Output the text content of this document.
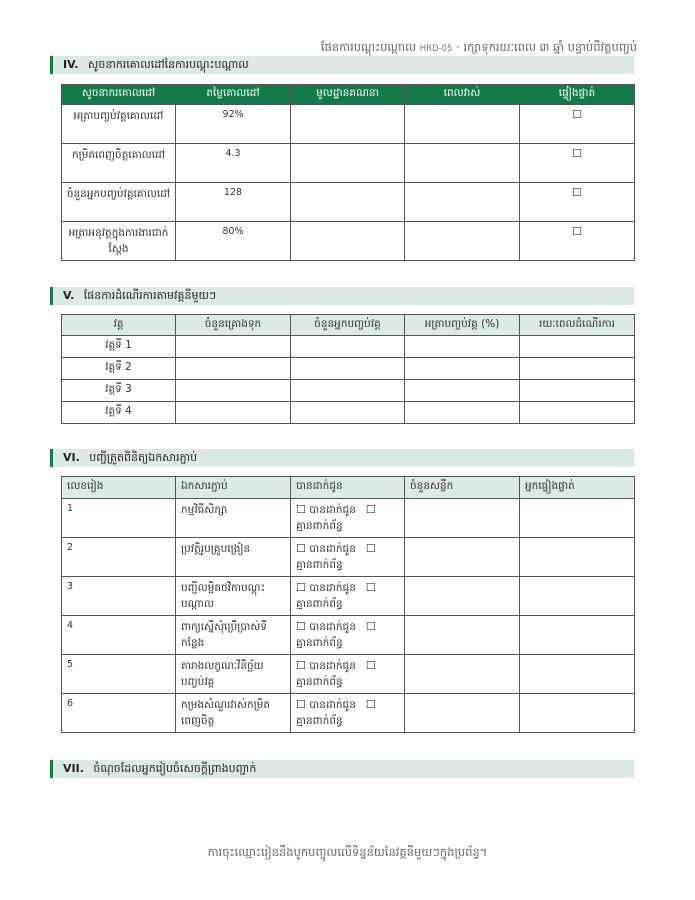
ផែនការបណ្តុះបណ្តាល HRD-05 · រក្សាទុករយៈពេល ៣ ឆ្នាំ បន្ទាប់ពីវគ្គបញ្ចប់
IV. សូចនាករគោលដៅនៃការបណ្តុះបណ្តាល
សូចនាករគោលដៅ	តម្លៃគោលដៅ	មូលដ្ឋានគណនា	ពេលវាស់	ផ្ទៀងផ្ទាត់
អត្រាបញ្ចប់វគ្គគោលដៅ	92%			☐
កម្រិតពេញចិត្តគោលដៅ	4.3			☐
ចំនួនអ្នកបញ្ចប់វគ្គគោលដៅ	128			☐
អត្រាអនុវត្តក្នុងការងារជាក់ស្តែង	80%			☐
V. ផែនការដំណើរការតាមវគ្គនីមួយៗ
វគ្គ	ចំនួនគ្រោងទុក	ចំនួនអ្នកបញ្ចប់វគ្គ	អត្រាបញ្ចប់វគ្គ (%)	រយៈពេលដំណើរការ
វគ្គទី 1				
វគ្គទី 2				
វគ្គទី 3				
វគ្គទី 4				
VI. បញ្ជីត្រួតពិនិត្យឯកសារភ្ជាប់
លេខរៀង	ឯកសារភ្ជាប់	បានដាក់ជូន	ចំនួនសន្លឹក	អ្នកផ្ទៀងផ្ទាត់
1	កម្មវិធីសិក្សា	☐ បានដាក់ជូន ☐
គ្មានពាក់ព័ន្ធ		
2	ប្រវត្តិរូបគ្រូបង្រៀន	☐ បានដាក់ជូន ☐
គ្មានពាក់ព័ន្ធ		
3	បញ្ជីលម្អិតថវិកាបណ្តុះបណ្តាល	☐ បានដាក់ជូន ☐
គ្មានពាក់ព័ន្ធ		
4	ពាក្យស្នើសុំប្រើប្រាស់ទីកន្លែង	☐ បានដាក់ជូន ☐
គ្មានពាក់ព័ន្ធ		
5	តារាងលក្ខណៈវិនិច្ឆ័យបញ្ចប់វគ្គ	☐ បានដាក់ជូន ☐
គ្មានពាក់ព័ន្ធ		
6	កម្រងសំណួរវាស់កម្រិតពេញចិត្ត	☐ បានដាក់ជូន ☐
គ្មានពាក់ព័ន្ធ		
VII. ចំណុចដែលអ្នករៀបចំសេចក្តីព្រាងបញ្ជាក់
ការចុះឈ្មោះរៀននឹងបូកបញ្ចូលលើទិន្នន័យនៃវគ្គនីមួយៗក្នុងប្រព័ន្ធ។
